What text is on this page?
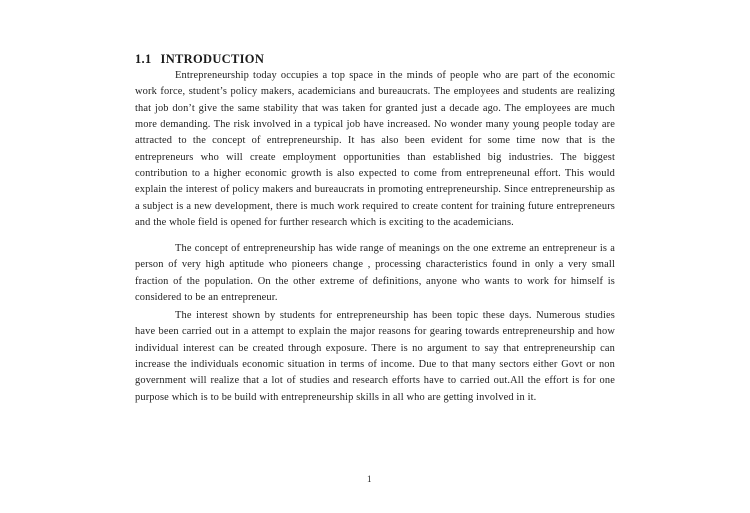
1.1 INTRODUCTION

Entrepreneurship today occupies a top space in the minds of people who are part of the economic work force, student’s policy makers, academicians and bureaucrats. The employees and students are realizing that job don’t give the same stability that was taken for granted just a decade ago. The employees are much more demanding. The risk involved in a typical job have increased. No wonder many young people today are attracted to the concept of entrepreneurship. It has also been evident for some time now that is the entrepreneurs who will create employment opportunities than established big industries. The biggest contribution to a higher economic growth is also expected to come from entrepreneunal effort. This would explain the interest of policy makers and bureaucrats in promoting entrepreneurship. Since entrepreneurship as a subject is a new development, there is much work required to create content for training future entrepreneurs and the whole field is opened for further research which is exciting to the academicians.

The concept of entrepreneurship has wide range of meanings on the one extreme an entrepreneur is a person of very high aptitude who pioneers change , processing characteristics found in only a very small fraction of the population. On the other extreme of definitions, anyone who wants to work for himself is considered to be an entrepreneur.

The interest shown by students for entrepreneurship has been topic these days. Numerous studies have been carried out in a attempt to explain the major reasons for gearing towards entrepreneurship and how individual interest can be created through exposure. There is no argument to say that entrepreneurship can increase the individuals economic situation in terms of income. Due to that many sectors either Govt or non government will realize that a lot of studies and research efforts have to carried out.All the effort is for one purpose which is to be build with entrepreneurship skills in all who are getting involved in it.

1
